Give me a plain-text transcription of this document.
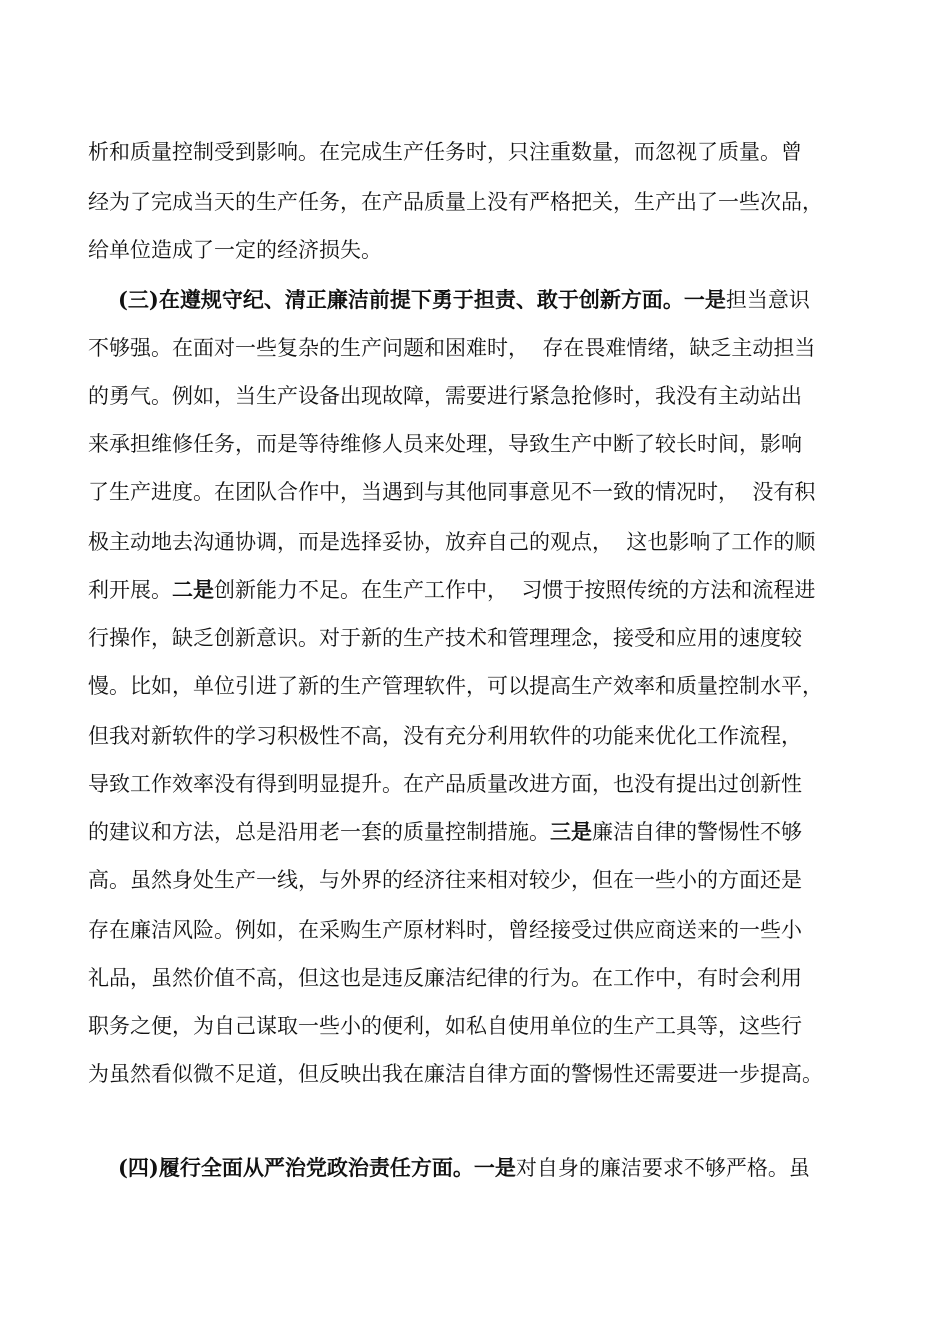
析和质量控制受到影响。在完成生产任务时，只注重数量，而忽视了质量。曾
经为了完成当天的生产任务，在产品质量上没有严格把关，生产出了一些次品，
给单位造成了一定的经济损失。
(三)在遵规守纪、清正廉洁前提下勇于担责、敢于创新方面。一是担当意识
不够强。在面对一些复杂的生产问题和困难时，  存在畏难情绪，缺乏主动担当
的勇气。例如，当生产设备出现故障，需要进行紧急抢修时，我没有主动站出
来承担维修任务，而是等待维修人员来处理，导致生产中断了较长时间，影响
了生产进度。在团队合作中，当遇到与其他同事意见不一致的情况时，  没有积
极主动地去沟通协调，而是选择妥协，放弃自己的观点，  这也影响了工作的顺
利开展。二是创新能力不足。在生产工作中，  习惯于按照传统的方法和流程进
行操作，缺乏创新意识。对于新的生产技术和管理理念，接受和应用的速度较
慢。比如，单位引进了新的生产管理软件，可以提高生产效率和质量控制水平，
但我对新软件的学习积极性不高，没有充分利用软件的功能来优化工作流程，
导致工作效率没有得到明显提升。在产品质量改进方面，也没有提出过创新性
的建议和方法，总是沿用老一套的质量控制措施。三是廉洁自律的警惕性不够
高。虽然身处生产一线，与外界的经济往来相对较少，但在一些小的方面还是
存在廉洁风险。例如，在采购生产原材料时，曾经接受过供应商送来的一些小
礼品，虽然价值不高，但这也是违反廉洁纪律的行为。在工作中，有时会利用
职务之便，为自己谋取一些小的便利，如私自使用单位的生产工具等，这些行
为虽然看似微不足道，但反映出我在廉洁自律方面的警惕性还需要进一步提高。
(四)履行全面从严治党政治责任方面。一是对自身的廉洁要求不够严格。虽
